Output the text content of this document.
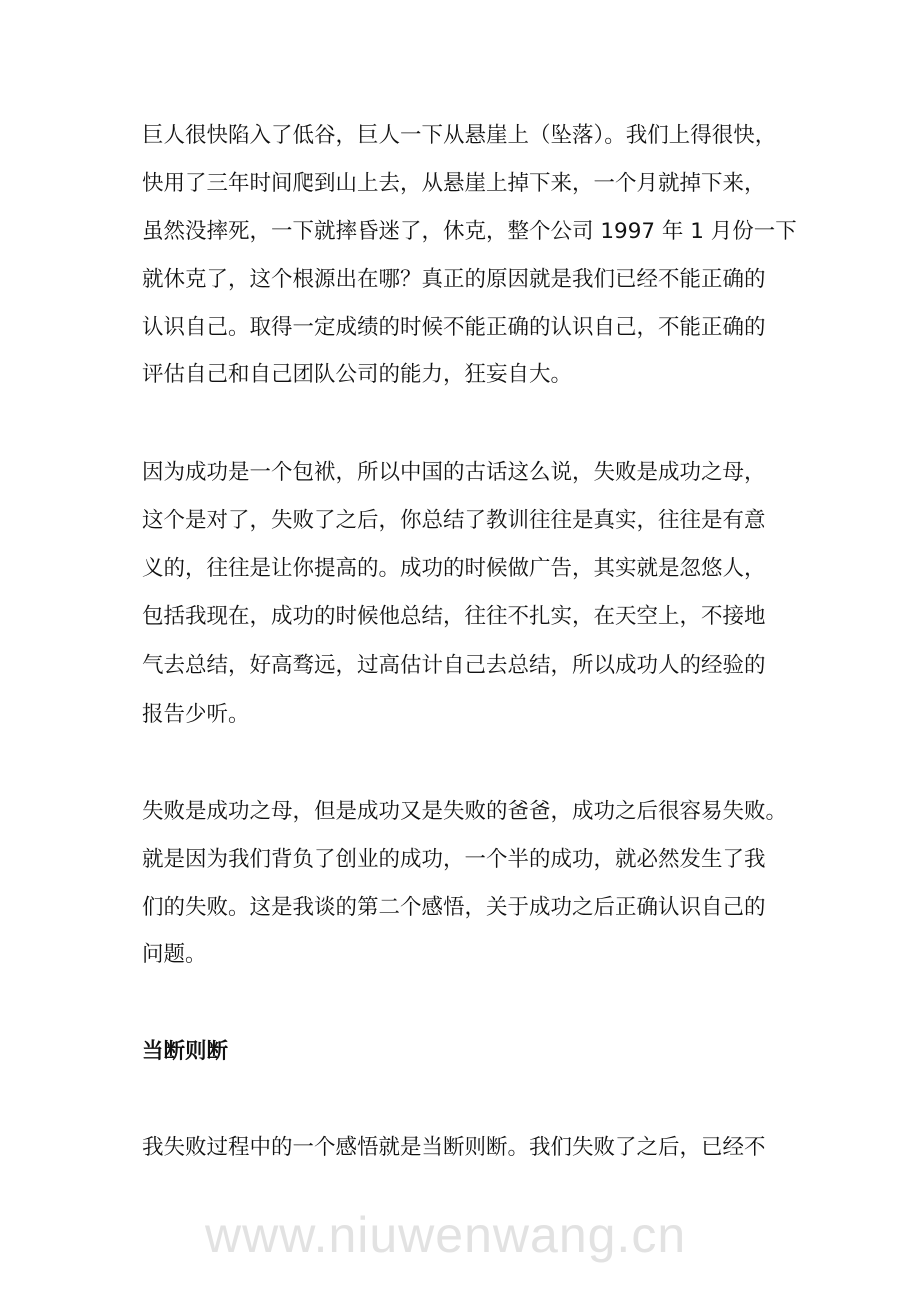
www.niuwenwang.cn
巨人很快陷入了低谷，巨人一下从悬崖上（坠落）。我们上得很快，
快用了三年时间爬到山上去，从悬崖上掉下来，一个月就掉下来，
虽然没摔死，一下就摔昏迷了，休克，整个公司 1997 年 1 月份一下
就休克了，这个根源出在哪？真正的原因就是我们已经不能正确的
认识自己。取得一定成绩的时候不能正确的认识自己，不能正确的
评估自己和自己团队公司的能力，狂妄自大。
因为成功是一个包袱，所以中国的古话这么说，失败是成功之母，
这个是对了，失败了之后，你总结了教训往往是真实，往往是有意
义的，往往是让你提高的。成功的时候做广告，其实就是忽悠人，
包括我现在，成功的时候他总结，往往不扎实，在天空上，不接地
气去总结，好高骛远，过高估计自己去总结，所以成功人的经验的
报告少听。
失败是成功之母，但是成功又是失败的爸爸，成功之后很容易失败。
就是因为我们背负了创业的成功，一个半的成功，就必然发生了我
们的失败。这是我谈的第二个感悟，关于成功之后正确认识自己的
问题。
当断则断
我失败过程中的一个感悟就是当断则断。我们失败了之后，已经不
